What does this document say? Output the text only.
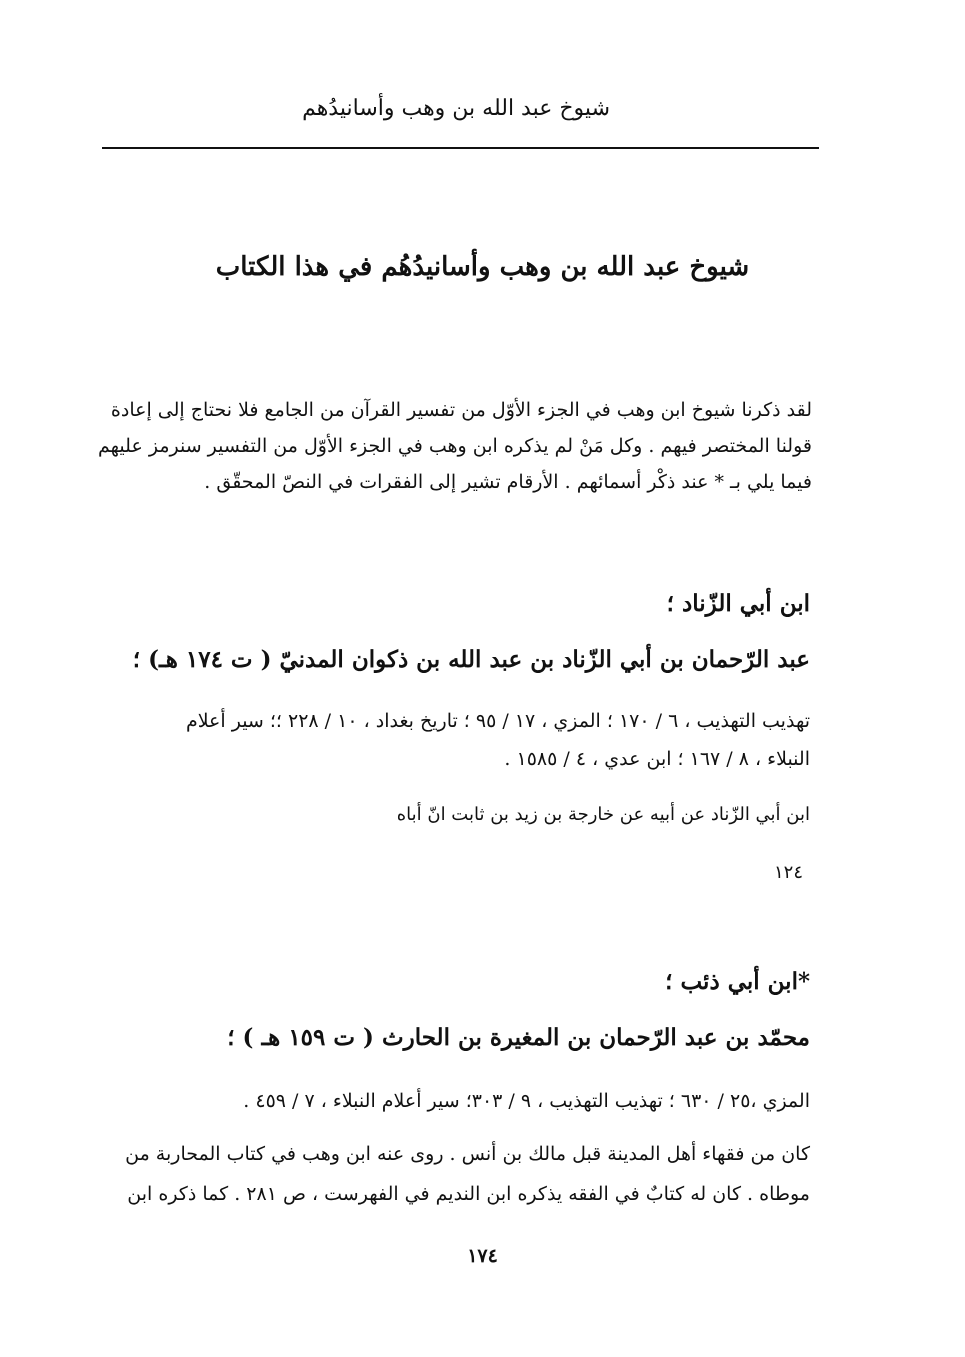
شيوخ عبد الله بن وهب وأسانيدُهم
شيوخ عبد الله بن وهب وأسانيدُهُم في هذا الكتاب
لقد ذكرنا شيوخ ابن وهب في الجزء الأوّل من تفسير القرآن من الجامع فلا نحتاج إلى إعادة
قولنا المختصر فيهم . وكل مَنْ لم يذكره ابن وهب في الجزء الأوّل من التفسير سنرمز عليهم
فيما يلي بـ * عند ذكْر أسمائهم . الأرقام تشير إلى الفقرات في النصّ المحقّق .
ابن أبي الزّناد ؛
عبد الرّحمان بن أبي الزّناد بن عبد الله بن ذكوان المدنيّ ( ت ١٧٤ هـ) ؛
تهذيب التهذيب ، ٦ / ١٧٠ ؛ المزي ، ١٧ / ٩٥ ؛ تاريخ بغداد ، ١٠ / ٢٢٨ ؛؛ سير أعلام
النبلاء ، ٨ / ١٦٧ ؛ ابن عدي ، ٤ / ١٥٨٥ .
ابن أبي الزّناد عن أبيه عن خارجة بن زيد بن ثابت انّ أباه
١٢٤
*ابن أبي ذئب ؛
محمّد بن عبد الرّحمان بن المغيرة بن الحارث ( ت ١٥٩ هـ ) ؛
المزي ،٢٥ / ٦٣٠ ؛ تهذيب التهذيب ، ٩ / ٣٠٣؛ سير أعلام النبلاء ، ٧ / ٤٥٩ .
كان من فقهاء أهل المدينة قبل مالك بن أنس . روى عنه ابن وهب في كتاب المحاربة من
موطاه . كان له كتابٌ في الفقه يذكره ابن النديم في الفهرست ، ص ٢٨١ . كما ذكره ابن
١٧٤
